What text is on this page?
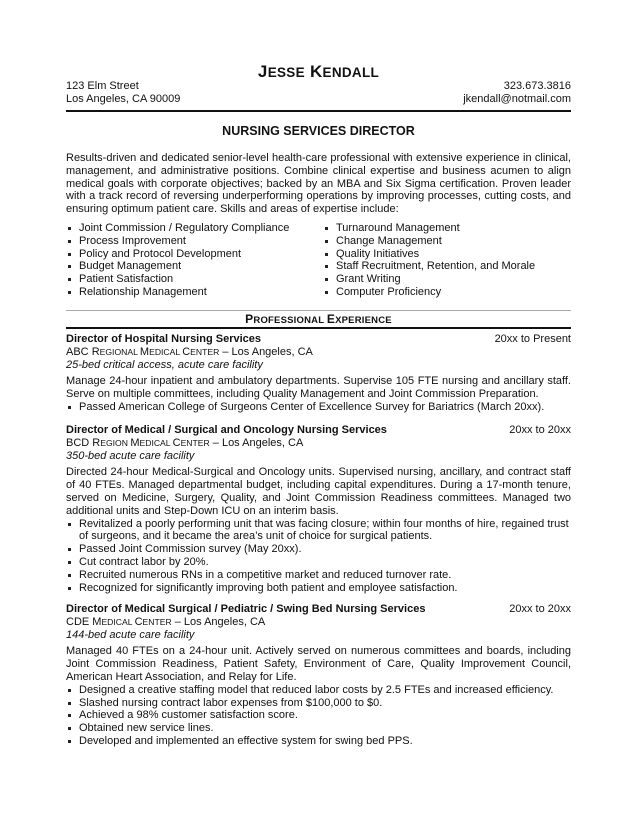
JESSE KENDALL
123 Elm Street
Los Angeles, CA 90009
323.673.3816
jkendall@notmail.com
NURSING SERVICES DIRECTOR
Results-driven and dedicated senior-level health-care professional with extensive experience in clinical, management, and administrative positions. Combine clinical expertise and business acumen to align medical goals with corporate objectives; backed by an MBA and Six Sigma certification. Proven leader with a track record of reversing underperforming operations by improving processes, cutting costs, and ensuring optimum patient care. Skills and areas of expertise include:
Joint Commission / Regulatory Compliance
Process Improvement
Policy and Protocol Development
Budget Management
Patient Satisfaction
Relationship Management
Turnaround Management
Change Management
Quality Initiatives
Staff Recruitment, Retention, and Morale
Grant Writing
Computer Proficiency
PROFESSIONAL EXPERIENCE
Director of Hospital Nursing Services	20xx to Present
ABC REGIONAL MEDICAL CENTER – Los Angeles, CA
25-bed critical access, acute care facility
Manage 24-hour inpatient and ambulatory departments. Supervise 105 FTE nursing and ancillary staff. Serve on multiple committees, including Quality Management and Joint Commission Preparation.
Passed American College of Surgeons Center of Excellence Survey for Bariatrics (March 20xx).
Director of Medical / Surgical and Oncology Nursing Services	20xx to 20xx
BCD REGION MEDICAL CENTER – Los Angeles, CA
350-bed acute care facility
Directed 24-hour Medical-Surgical and Oncology units. Supervised nursing, ancillary, and contract staff of 40 FTEs. Managed departmental budget, including capital expenditures. During a 17-month tenure, served on Medicine, Surgery, Quality, and Joint Commission Readiness committees. Managed two additional units and Step-Down ICU on an interim basis.
Revitalized a poorly performing unit that was facing closure; within four months of hire, regained trust of surgeons, and it became the area’s unit of choice for surgical patients.
Passed Joint Commission survey (May 20xx).
Cut contract labor by 20%.
Recruited numerous RNs in a competitive market and reduced turnover rate.
Recognized for significantly improving both patient and employee satisfaction.
Director of Medical Surgical / Pediatric / Swing Bed Nursing Services	20xx to 20xx
CDE MEDICAL CENTER – Los Angeles, CA
144-bed acute care facility
Managed 40 FTEs on a 24-hour unit. Actively served on numerous committees and boards, including Joint Commission Readiness, Patient Safety, Environment of Care, Quality Improvement Council, American Heart Association, and Relay for Life.
Designed a creative staffing model that reduced labor costs by 2.5 FTEs and increased efficiency.
Slashed nursing contract labor expenses from $100,000 to $0.
Achieved a 98% customer satisfaction score.
Obtained new service lines.
Developed and implemented an effective system for swing bed PPS.
